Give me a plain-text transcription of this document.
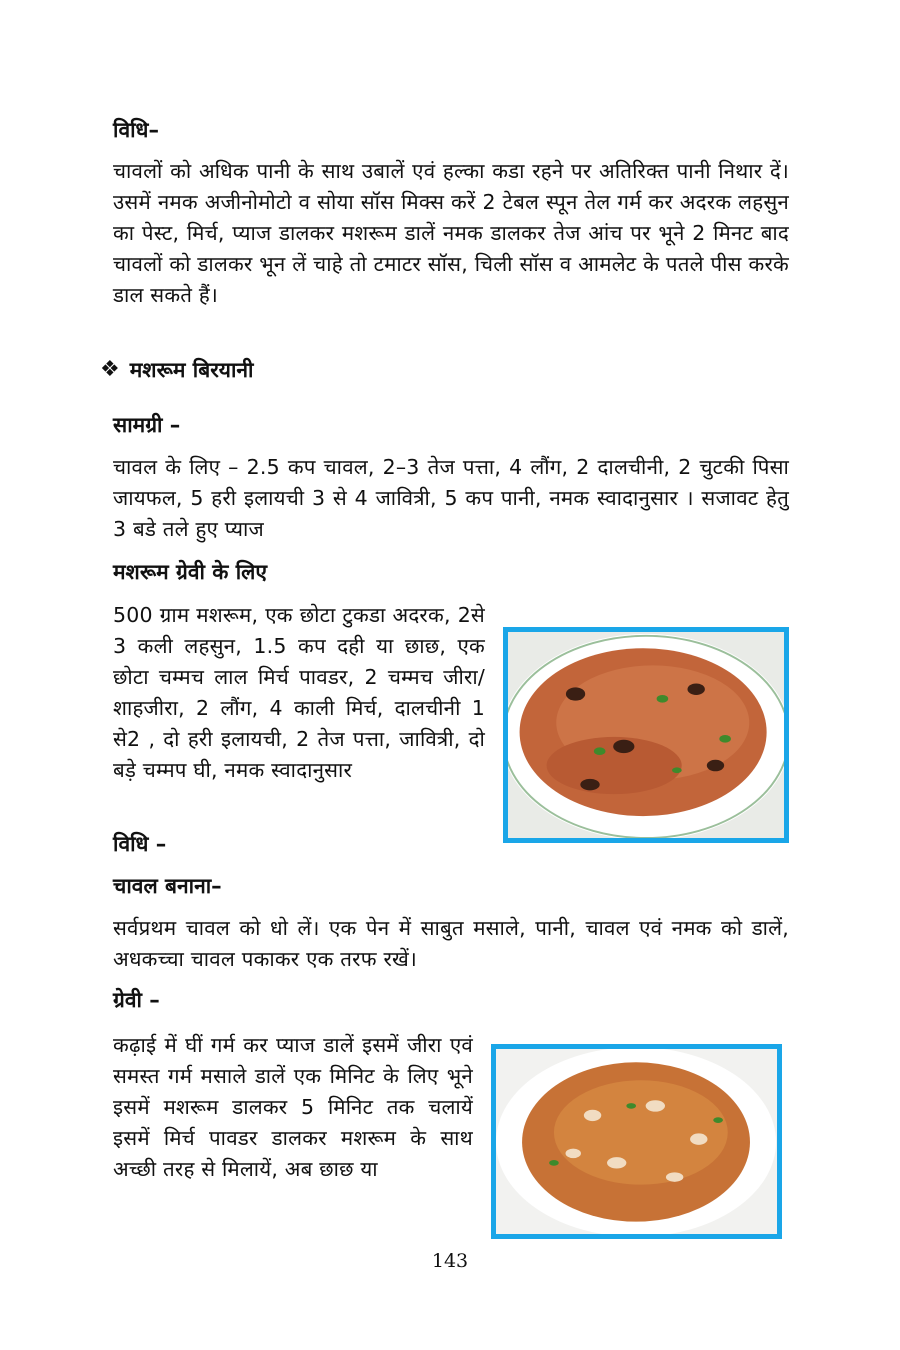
विधि–

चावलों को अधिक पानी के साथ उबालें एवं हल्का कडा रहने पर अतिरिक्त पानी निथार दें। उसमें नमक अजीनोमोटो व सोया सॉस मिक्स करें 2 टेबल स्पून तेल गर्म कर अदरक लहसुन का पेस्ट, मिर्च, प्याज डालकर मशरूम डालें नमक डालकर तेज आंच पर भूने 2 मिनट बाद चावलों को डालकर भून लें चाहे तो टमाटर सॉस, चिली सॉस व आमलेट के पतले पीस करके डाल सकते हैं।

❖ मशरूम बिरयानी
सामग्री –

चावल के लिए – 2.5 कप चावल, 2–3 तेज पत्ता, 4 लौंग, 2 दालचीनी, 2 चुटकी पिसा जायफल, 5 हरी इलायची 3 से 4 जावित्री, 5 कप पानी, नमक स्वादानुसार । सजावट हेतु 3 बडे तले हुए प्याज

मशरूम ग्रेवी के लिए

500 ग्राम मशरूम, एक छोटा टुकडा अदरक, 2से 3 कली लहसुन, 1.5 कप दही या छाछ, एक छोटा चम्मच लाल मिर्च पावडर, 2 चम्मच जीरा/शाहजीरा, 2 लौंग, 4 काली मिर्च, दालचीनी 1 से2 , दो हरी इलायची, 2 तेज पत्ता, जावित्री, दो बड़े चम्मप घी, नमक स्वादानुसार

विधि –
चावल बनाना–

सर्वप्रथम चावल को धो लें। एक पेन में साबुत मसाले, पानी, चावल एवं नमक को डालें, अधकच्चा चावल पकाकर एक तरफ रखें।

ग्रेवी –

कढ़ाई में घीं गर्म कर प्याज डालें इसमें जीरा एवं समस्त गर्म मसाले डालें एक मिनिट के लिए भूने इसमें मशरूम डालकर 5 मिनिट तक चलायें इसमें मिर्च पावडर डालकर मशरूम के साथ अच्छी तरह से मिलायें, अब छाछ या

143
